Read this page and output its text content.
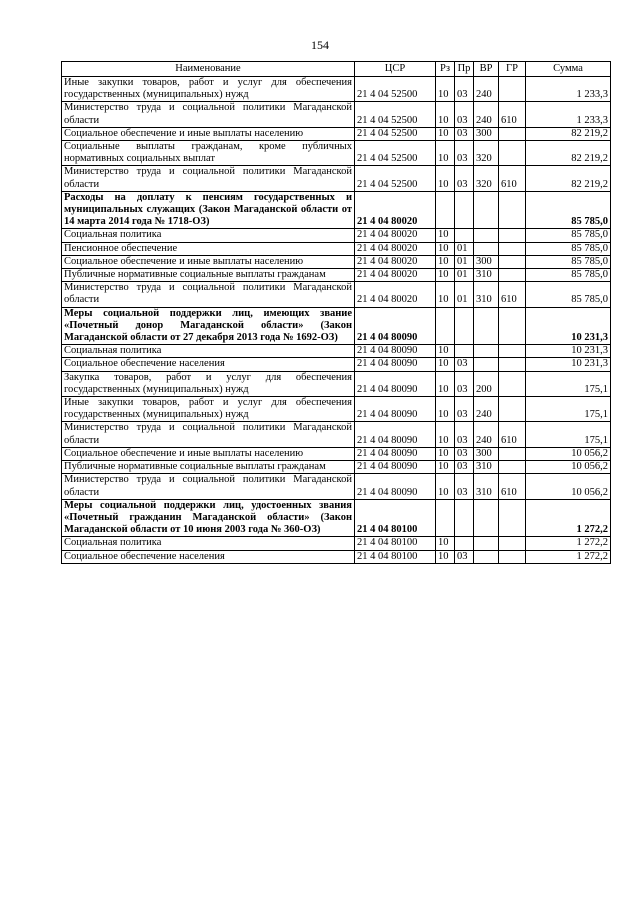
154
Наименование	ЦСР	Рз	Пр	ВР	ГР	Сумма
Иные закупки товаров, работ и услуг для обеспечения государственных (муниципальных) нужд	21 4 04 52500	10	03	240		1 233,3
Министерство труда и социальной политики Магаданской области	21 4 04 52500	10	03	240	610	1 233,3
Социальное обеспечение и иные выплаты населению	21 4 04 52500	10	03	300		82 219,2
Социальные выплаты гражданам, кроме публичных нормативных социальных выплат	21 4 04 52500	10	03	320		82 219,2
Министерство труда и социальной политики Магаданской области	21 4 04 52500	10	03	320	610	82 219,2
Расходы на доплату к пенсиям государственных и муниципальных служащих (Закон Магаданской области от 14 марта 2014 года № 1718-ОЗ)	21 4 04 80020					85 785,0
Социальная политика	21 4 04 80020	10				85 785,0
Пенсионное обеспечение	21 4 04 80020	10	01			85 785,0
Социальное обеспечение и иные выплаты населению	21 4 04 80020	10	01	300		85 785,0
Публичные нормативные социальные выплаты гражданам	21 4 04 80020	10	01	310		85 785,0
Министерство труда и социальной политики Магаданской области	21 4 04 80020	10	01	310	610	85 785,0
Меры социальной поддержки лиц, имеющих звание «Почетный донор Магаданской области» (Закон Магаданской области от 27 декабря 2013 года № 1692-ОЗ)	21 4 04 80090					10 231,3
Социальная политика	21 4 04 80090	10				10 231,3
Социальное обеспечение населения	21 4 04 80090	10	03			10 231,3
Закупка товаров, работ и услуг для обеспечения государственных (муниципальных) нужд	21 4 04 80090	10	03	200		175,1
Иные закупки товаров, работ и услуг для обеспечения государственных (муниципальных) нужд	21 4 04 80090	10	03	240		175,1
Министерство труда и социальной политики Магаданской области	21 4 04 80090	10	03	240	610	175,1
Социальное обеспечение и иные выплаты населению	21 4 04 80090	10	03	300		10 056,2
Публичные нормативные социальные выплаты гражданам	21 4 04 80090	10	03	310		10 056,2
Министерство труда и социальной политики Магаданской области	21 4 04 80090	10	03	310	610	10 056,2
Меры социальной поддержки лиц, удостоенных звания «Почетный гражданин Магаданской области» (Закон Магаданской области от 10 июня 2003 года № 360-ОЗ)	21 4 04 80100					1 272,2
Социальная политика	21 4 04 80100	10				1 272,2
Социальное обеспечение населения	21 4 04 80100	10	03			1 272,2
